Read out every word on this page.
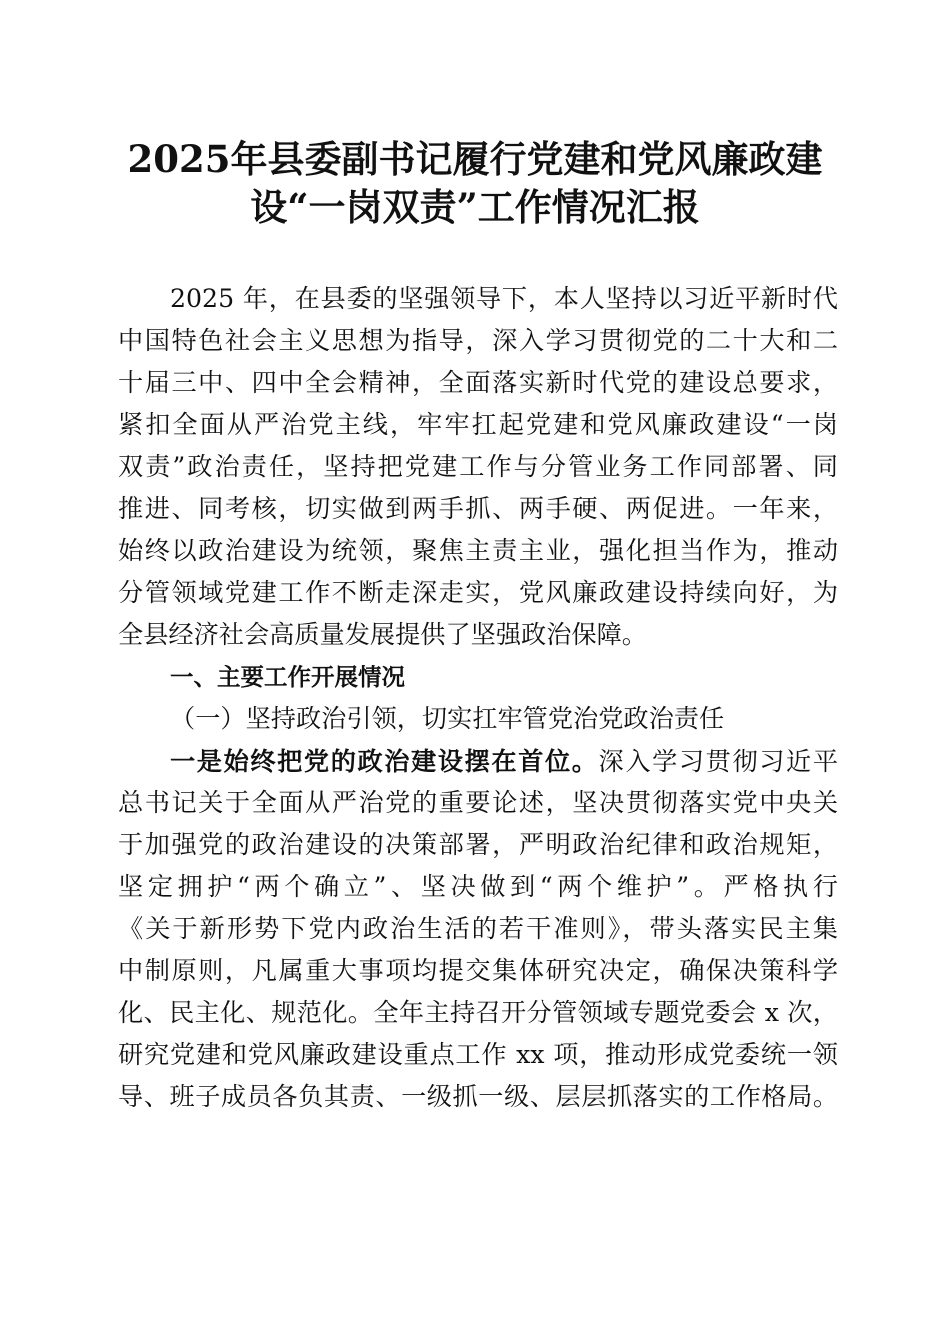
2025年县委副书记履行党建和党风廉政建
设“一岗双责”工作情况汇报
2025 年，在县委的坚强领导下，本人坚持以习近平新时代
中国特色社会主义思想为指导，深入学习贯彻党的二十大和二
十届三中、四中全会精神，全面落实新时代党的建设总要求，
紧扣全面从严治党主线，牢牢扛起党建和党风廉政建设“一岗
双责”政治责任，坚持把党建工作与分管业务工作同部署、同
推进、同考核，切实做到两手抓、两手硬、两促进。一年来，
始终以政治建设为统领，聚焦主责主业，强化担当作为，推动
分管领域党建工作不断走深走实，党风廉政建设持续向好，为
全县经济社会高质量发展提供了坚强政治保障。
一、主要工作开展情况
（一）坚持政治引领，切实扛牢管党治党政治责任
一是始终把党的政治建设摆在首位。深入学习贯彻习近平
总书记关于全面从严治党的重要论述，坚决贯彻落实党中央关
于加强党的政治建设的决策部署，严明政治纪律和政治规矩，
坚定拥护“两个确立”、坚决做到“两个维护”。严格执行
《关于新形势下党内政治生活的若干准则》，带头落实民主集
中制原则，凡属重大事项均提交集体研究决定，确保决策科学
化、民主化、规范化。全年主持召开分管领域专题党委会 x 次，
研究党建和党风廉政建设重点工作 xx 项，推动形成党委统一领
导、班子成员各负其责、一级抓一级、层层抓落实的工作格局。
